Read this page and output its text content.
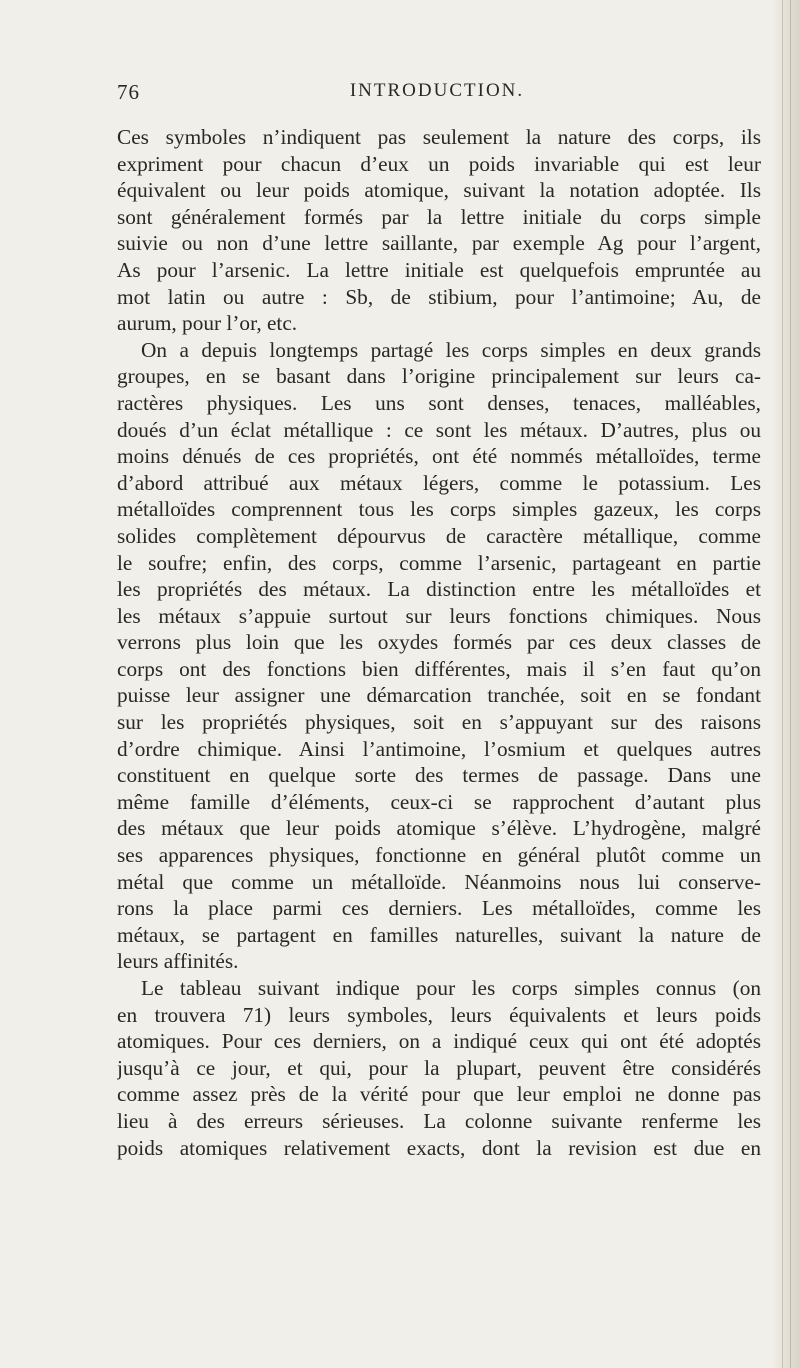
76	INTRODUCTION.
Ces symboles n’indiquent pas seulement la nature des corps, ils
expriment pour chacun d’eux un poids invariable qui est leur
équivalent ou leur poids atomique, suivant la notation adoptée. Ils
sont généralement formés par la lettre initiale du corps simple
suivie ou non d’une lettre saillante, par exemple Ag pour l’argent,
As pour l’arsenic. La lettre initiale est quelquefois empruntée au
mot latin ou autre : Sb, de stibium, pour l’antimoine; Au, de
aurum, pour l’or, etc.
On a depuis longtemps partagé les corps simples en deux grands
groupes, en se basant dans l’origine principalement sur leurs ca-
ractères physiques. Les uns sont denses, tenaces, malléables,
doués d’un éclat métallique : ce sont les métaux. D’autres, plus ou
moins dénués de ces propriétés, ont été nommés métalloïdes, terme
d’abord attribué aux métaux légers, comme le potassium. Les
métalloïdes comprennent tous les corps simples gazeux, les corps
solides complètement dépourvus de caractère métallique, comme
le soufre; enfin, des corps, comme l’arsenic, partageant en partie
les propriétés des métaux. La distinction entre les métalloïdes et
les métaux s’appuie surtout sur leurs fonctions chimiques. Nous
verrons plus loin que les oxydes formés par ces deux classes de
corps ont des fonctions bien différentes, mais il s’en faut qu’on
puisse leur assigner une démarcation tranchée, soit en se fondant
sur les propriétés physiques, soit en s’appuyant sur des raisons
d’ordre chimique. Ainsi l’antimoine, l’osmium et quelques autres
constituent en quelque sorte des termes de passage. Dans une
même famille d’éléments, ceux-ci se rapprochent d’autant plus
des métaux que leur poids atomique s’élève. L’hydrogène, malgré
ses apparences physiques, fonctionne en général plutôt comme un
métal que comme un métalloïde. Néanmoins nous lui conserve-
rons la place parmi ces derniers. Les métalloïdes, comme les
métaux, se partagent en familles naturelles, suivant la nature de
leurs affinités.
Le tableau suivant indique pour les corps simples connus (on
en trouvera 71) leurs symboles, leurs équivalents et leurs poids
atomiques. Pour ces derniers, on a indiqué ceux qui ont été adoptés
jusqu’à ce jour, et qui, pour la plupart, peuvent être considérés
comme assez près de la vérité pour que leur emploi ne donne pas
lieu à des erreurs sérieuses. La colonne suivante renferme les
poids atomiques relativement exacts, dont la revision est due en
